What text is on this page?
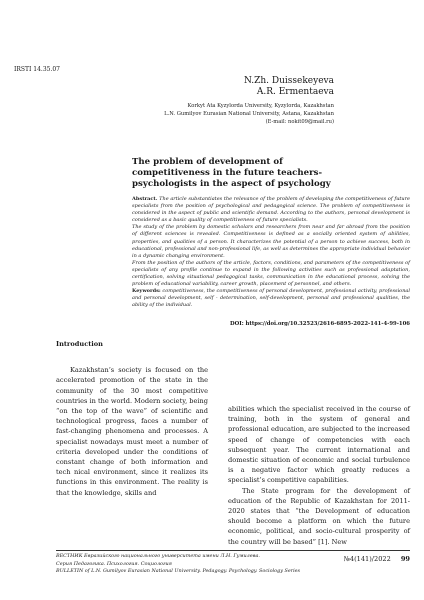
IRSTI 14.35.07
N.Zh. Duissekeyeva
A.R. Ermentaeva
Korkyt Ata Kyzylorda University, Kyzylorda, Kazakhstan
L.N. Gumilyov Eurasian National University, Astana, Kazakhstan
(E-mail: nokit09@mail.ru)
The problem of development of competitiveness in the future teachers-psychologists in the aspect of psychology

Abstract. The article substantiates the relevance of the problem of developing the competitiveness of future specialists from the position of psychological and pedagogical science. The problem of competitiveness is considered in the aspect of public and scientific demand. According to the authors, personal development is considered as a basic quality of competitiveness of future specialists.

The study of the problem by domestic scholars and researchers from near and far abroad from the position of different sciences is revealed. Competitiveness is defined as a socially oriented system of abilities, properties, and qualities of a person. It characterizes the potential of a person to achieve success, both in educational, professional and non-professional life, as well as determines the appropriate individual behavior in a dynamic changing environment.

From the position of the authors of the article, factors, conditions, and parameters of the competitiveness of specialists of any profile continue to expand in the following activities such as professional adaptation, certification, solving situational pedagogical tasks, communication in the educational process, solving the problem of educational variability, career growth, placement of personnel, and others.

Keywords: competitiveness, the competitiveness of personal development, professional activity, professional and personal development, self - determination, self-development, personal and professional qualities, the ability of the individual.

DOI: https://doi.org/10.32523/2616-6895-2022-141-4-99-106

Introduction

Kazakhstan’s society is focused on the accelerated promotion of the state in the community of the 30 most competitive countries in the world. Modern society, being “on the top of the wave” of scientific and technological progress, faces a number of fast-changing phenomena and processes. A specialist nowadays must meet a number of criteria developed under the conditions of constant change of both information and tech nical environment, since it realizes its functions in this environment. The reality is that the knowledge, skills and

abilities which the specialist received in the course of training, both in the system of general and professional education, are subjected to the increased speed of change of competencies with each subsequent year. The current international and domestic situation of economic and social turbulence is a negative factor which greatly reduces a specialist’s competitive capabilities.

The State program for the development of education of the Republic of Kazakhstan for 2011-2020 states that “the Development of education should become a platform on which the future economic, political, and socio-cultural prosperity of the country will be based” [1]. New

ВЕСТНИК Евразийского национального университета имени Л.Н. Гумилева.
Серия Педагогика. Психология. Социология
BULLETIN of L.N. Gumilyov Eurasian National University. Pedagogy. Psychology. Sociology Series
№4(141)/2022 99
